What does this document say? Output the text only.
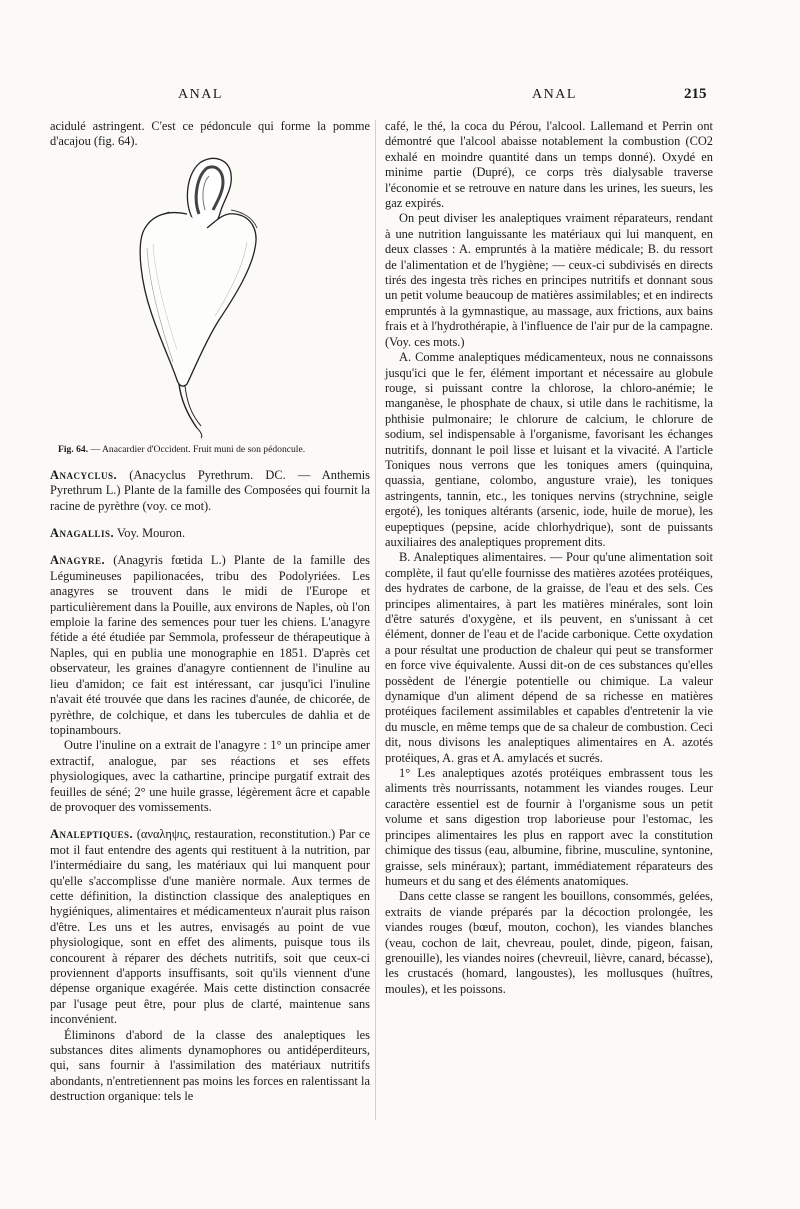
ANAL	ANAL	215

acidulé astringent. C'est ce pédoncule qui forme la pomme d'acajou (fig. 64).

Fig. 64. — Anacardier d'Occident. Fruit muni de son pédoncule.

Anacyclus. (Anacyclus Pyrethrum. DC. — Anthemis Pyrethrum L.) Plante de la famille des Composées qui fournit la racine de pyrèthre (voy. ce mot).

Anagallis. Voy. Mouron.

Anagyre. (Anagyris fœtida L.) Plante de la famille des Légumineuses papilionacées, tribu des Podolyriées. Les anagyres se trouvent dans le midi de l'Europe et particulièrement dans la Pouille, aux environs de Naples, où l'on emploie la farine des semences pour tuer les chiens. L'anagyre fétide a été étudiée par Semmola, professeur de thérapeutique à Naples, qui en publia une monographie en 1851. D'après cet observateur, les graines d'anagyre contiennent de l'inuline au lieu d'amidon; ce fait est intéressant, car jusqu'ici l'inuline n'avait été trouvée que dans les racines d'aunée, de chicorée, de pyrèthre, de colchique, et dans les tubercules de dahlia et de topinambours.

Outre l'inuline on a extrait de l'anagyre : 1° un principe amer extractif, analogue, par ses réactions et ses effets physiologiques, avec la cathartine, principe purgatif extrait des feuilles de séné; 2° une huile grasse, légèrement âcre et capable de provoquer des vomissements.

Analeptiques. (αναληψις, restauration, reconstitution.) Par ce mot il faut entendre des agents qui restituent à la nutrition, par l'intermédiaire du sang, les matériaux qui lui manquent pour qu'elle s'accomplisse d'une manière normale. Aux termes de cette définition, la distinction classique des analeptiques en hygiéniques, alimentaires et médicamenteux n'aurait plus raison d'être. Les uns et les autres, envisagés au point de vue physiologique, sont en effet des aliments, puisque tous ils concourent à réparer des déchets nutritifs, soit que ceux-ci proviennent d'apports insuffisants, soit qu'ils viennent d'une dépense organique exagérée. Mais cette distinction consacrée par l'usage peut être, pour plus de clarté, maintenue sans inconvénient.

Éliminons d'abord de la classe des analeptiques les substances dites aliments dynamophores ou antidéperditeurs, qui, sans fournir à l'assimilation des matériaux nutritifs abondants, n'entretiennent pas moins les forces en ralentissant la destruction organique: tels le

café, le thé, la coca du Pérou, l'alcool. Lallemand et Perrin ont démontré que l'alcool abaisse notablement la combustion (CO2 exhalé en moindre quantité dans un temps donné). Oxydé en minime partie (Dupré), ce corps très dialysable traverse l'économie et se retrouve en nature dans les urines, les sueurs, les gaz expirés.

On peut diviser les analeptiques vraiment réparateurs, rendant à une nutrition languissante les matériaux qui lui manquent, en deux classes : A. empruntés à la matière médicale; B. du ressort de l'alimentation et de l'hygiène; — ceux-ci subdivisés en directs tirés des ingesta très riches en principes nutritifs et donnant sous un petit volume beaucoup de matières assimilables; et en indirects empruntés à la gymnastique, au massage, aux frictions, aux bains frais et à l'hydrothérapie, à l'influence de l'air pur de la campagne. (Voy. ces mots.)

A. Comme analeptiques médicamenteux, nous ne connaissons jusqu'ici que le fer, élément important et nécessaire au globule rouge, si puissant contre la chlorose, la chloro-anémie; le manganèse, le phosphate de chaux, si utile dans le rachitisme, la phthisie pulmonaire; le chlorure de calcium, le chlorure de sodium, sel indispensable à l'organisme, favorisant les échanges nutritifs, donnant le poil lisse et luisant et la vivacité. A l'article Toniques nous verrons que les toniques amers (quinquina, quassia, gentiane, colombo, angusture vraie), les toniques astringents, tannin, etc., les toniques nervins (strychnine, seigle ergoté), les toniques altérants (arsenic, iode, huile de morue), les eupeptiques (pepsine, acide chlorhydrique), sont de puissants auxiliaires des analeptiques proprement dits.

B. Analeptiques alimentaires. — Pour qu'une alimentation soit complète, il faut qu'elle fournisse des matières azotées protéiques, des hydrates de carbone, de la graisse, de l'eau et des sels. Ces principes alimentaires, à part les matières minérales, sont loin d'être saturés d'oxygène, et ils peuvent, en s'unissant à cet élément, donner de l'eau et de l'acide carbonique. Cette oxydation a pour résultat une production de chaleur qui peut se transformer en force vive équivalente. Aussi dit-on de ces substances qu'elles possèdent de l'énergie potentielle ou chimique. La valeur dynamique d'un aliment dépend de sa richesse en matières protéiques facilement assimilables et capables d'entretenir la vie du muscle, en même temps que de sa chaleur de combustion. Ceci dit, nous divisons les analeptiques alimentaires en A. azotés protéiques, A. gras et A. amylacés et sucrés.

1° Les analeptiques azotés protéiques embrassent tous les aliments très nourrissants, notamment les viandes rouges. Leur caractère essentiel est de fournir à l'organisme sous un petit volume et sans digestion trop laborieuse pour l'estomac, les principes alimentaires les plus en rapport avec la constitution chimique des tissus (eau, albumine, fibrine, musculine, syntonine, graisse, sels minéraux); partant, immédiatement réparateurs des humeurs et du sang et des éléments anatomiques.

Dans cette classe se rangent les bouillons, consommés, gelées, extraits de viande préparés par la décoction prolongée, les viandes rouges (bœuf, mouton, cochon), les viandes blanches (veau, cochon de lait, chevreau, poulet, dinde, pigeon, faisan, grenouille), les viandes noires (chevreuil, lièvre, canard, bécasse), les crustacés (homard, langoustes), les mollusques (huîtres, moules), et les poissons.
